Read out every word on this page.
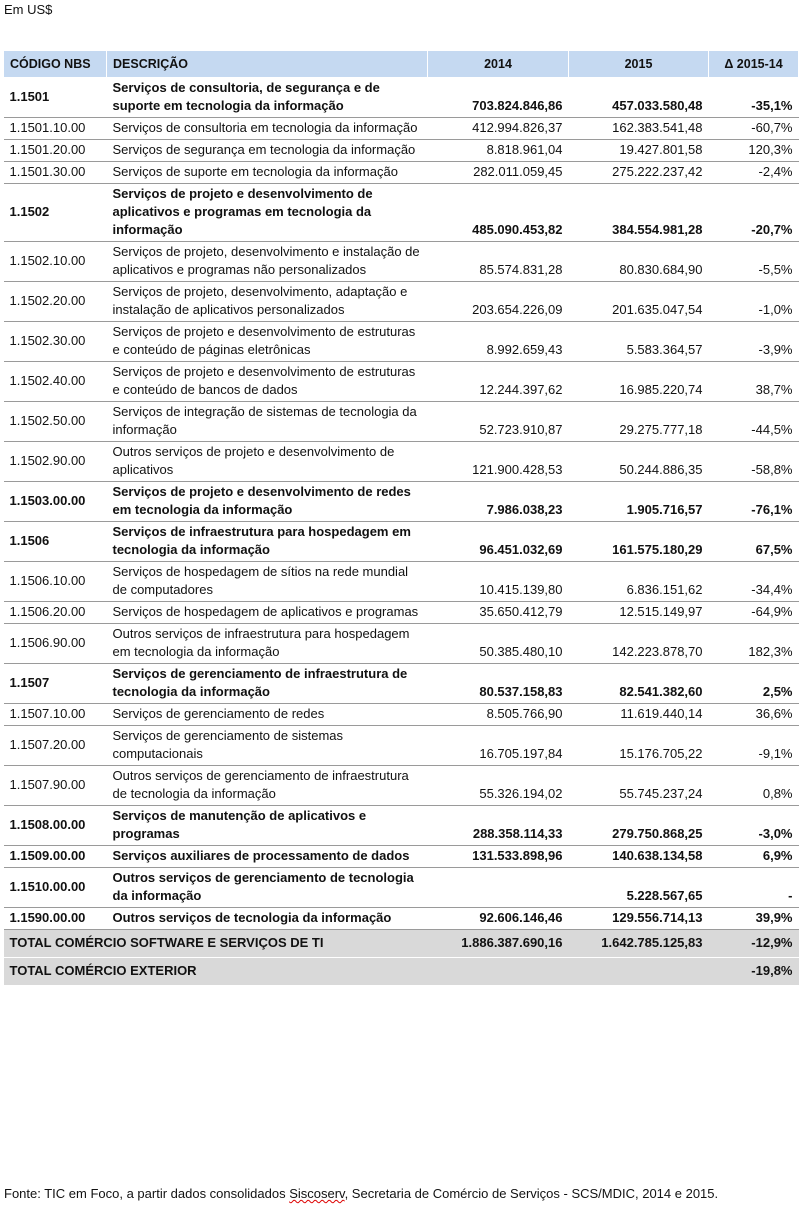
Em US$
CÓDIGO NBS	DESCRIÇÃO	2014	2015	Δ 2015-14
1.1501	Serviços de consultoria, de segurança e de suporte em tecnologia da informação	703.824.846,86	457.033.580,48	-35,1%
1.1501.10.00	Serviços de consultoria em tecnologia da informação	412.994.826,37	162.383.541,48	-60,7%
1.1501.20.00	Serviços de segurança em tecnologia da informação	8.818.961,04	19.427.801,58	120,3%
1.1501.30.00	Serviços de suporte em tecnologia da informação	282.011.059,45	275.222.237,42	-2,4%
1.1502	Serviços de projeto e desenvolvimento de aplicativos e programas em tecnologia da informação	485.090.453,82	384.554.981,28	-20,7%
1.1502.10.00	Serviços de projeto, desenvolvimento e instalação de aplicativos e programas não personalizados	85.574.831,28	80.830.684,90	-5,5%
1.1502.20.00	Serviços de projeto, desenvolvimento, adaptação e instalação de aplicativos personalizados	203.654.226,09	201.635.047,54	-1,0%
1.1502.30.00	Serviços de projeto e desenvolvimento de estruturas e conteúdo de páginas eletrônicas	8.992.659,43	5.583.364,57	-3,9%
1.1502.40.00	Serviços de projeto e desenvolvimento de estruturas e conteúdo de bancos de dados	12.244.397,62	16.985.220,74	38,7%
1.1502.50.00	Serviços de integração de sistemas de tecnologia da informação	52.723.910,87	29.275.777,18	-44,5%
1.1502.90.00	Outros serviços de projeto e desenvolvimento de aplicativos	121.900.428,53	50.244.886,35	-58,8%
1.1503.00.00	Serviços de projeto e desenvolvimento de redes em tecnologia da informação	7.986.038,23	1.905.716,57	-76,1%
1.1506	Serviços de infraestrutura para hospedagem em tecnologia da informação	96.451.032,69	161.575.180,29	67,5%
1.1506.10.00	Serviços de hospedagem de sítios na rede mundial de computadores	10.415.139,80	6.836.151,62	-34,4%
1.1506.20.00	Serviços de hospedagem de aplicativos e programas	35.650.412,79	12.515.149,97	-64,9%
1.1506.90.00	Outros serviços de infraestrutura para hospedagem em tecnologia da informação	50.385.480,10	142.223.878,70	182,3%
1.1507	Serviços de gerenciamento de infraestrutura de tecnologia da informação	80.537.158,83	82.541.382,60	2,5%
1.1507.10.00	Serviços de gerenciamento de redes	8.505.766,90	11.619.440,14	36,6%
1.1507.20.00	Serviços de gerenciamento de sistemas computacionais	16.705.197,84	15.176.705,22	-9,1%
1.1507.90.00	Outros serviços de gerenciamento de infraestrutura de tecnologia da informação	55.326.194,02	55.745.237,24	0,8%
1.1508.00.00	Serviços de manutenção de aplicativos e programas	288.358.114,33	279.750.868,25	-3,0%
1.1509.00.00	Serviços auxiliares de processamento de dados	131.533.898,96	140.638.134,58	6,9%
1.1510.00.00	Outros serviços de gerenciamento de tecnologia da informação		5.228.567,65	-
1.1590.00.00	Outros serviços de tecnologia da informação	92.606.146,46	129.556.714,13	39,9%
TOTAL COMÉRCIO SOFTWARE E SERVIÇOS DE TI		1.886.387.690,16	1.642.785.125,83	-12,9%
TOTAL COMÉRCIO EXTERIOR				-19,8%
Fonte: TIC em Foco, a partir dados consolidados Siscoserv, Secretaria de Comércio de Serviços - SCS/MDIC, 2014 e 2015.
